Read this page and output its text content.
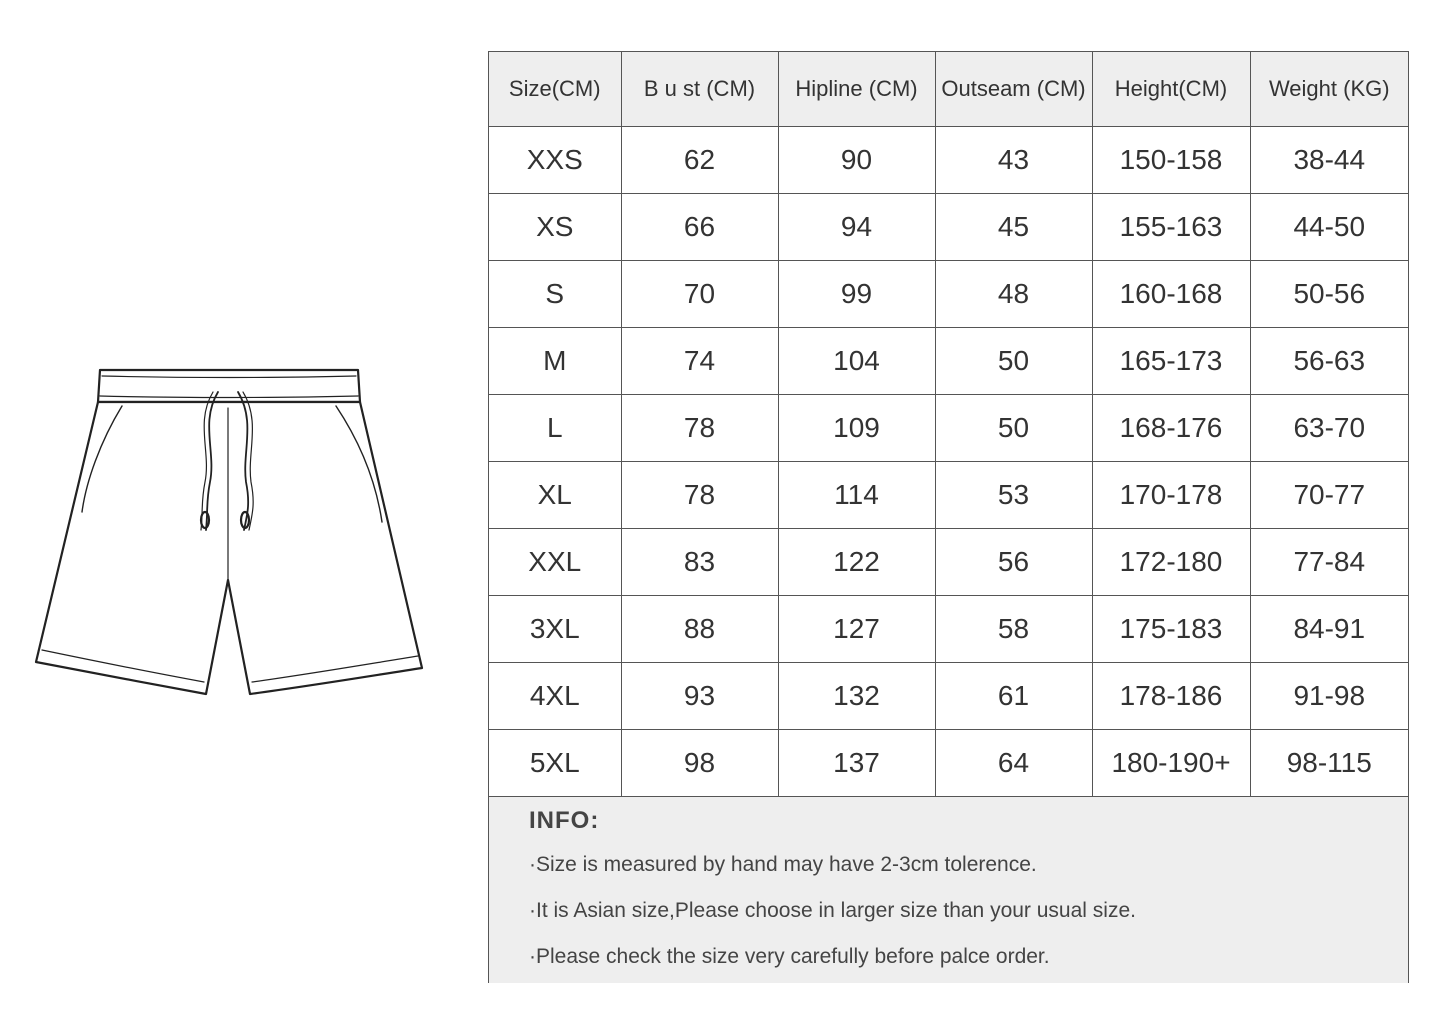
Size(CM)	B u st (CM)	Hipline (CM)	Outseam (CM)	Height(CM)	Weight (KG)
XXS	62	90	43	150-158	38-44
XS	66	94	45	155-163	44-50
S	70	99	48	160-168	50-56
M	74	104	50	165-173	56-63
L	78	109	50	168-176	63-70
XL	78	114	53	170-178	70-77
XXL	83	122	56	172-180	77-84
3XL	88	127	58	175-183	84-91
4XL	93	132	61	178-186	91-98
5XL	98	137	64	180-190+	98-115
INFO:
·Size is measured by hand may have 2-3cm tolerence.
·It is Asian size,Please choose in larger size than your usual size.
·Please check the size very carefully before palce order.
